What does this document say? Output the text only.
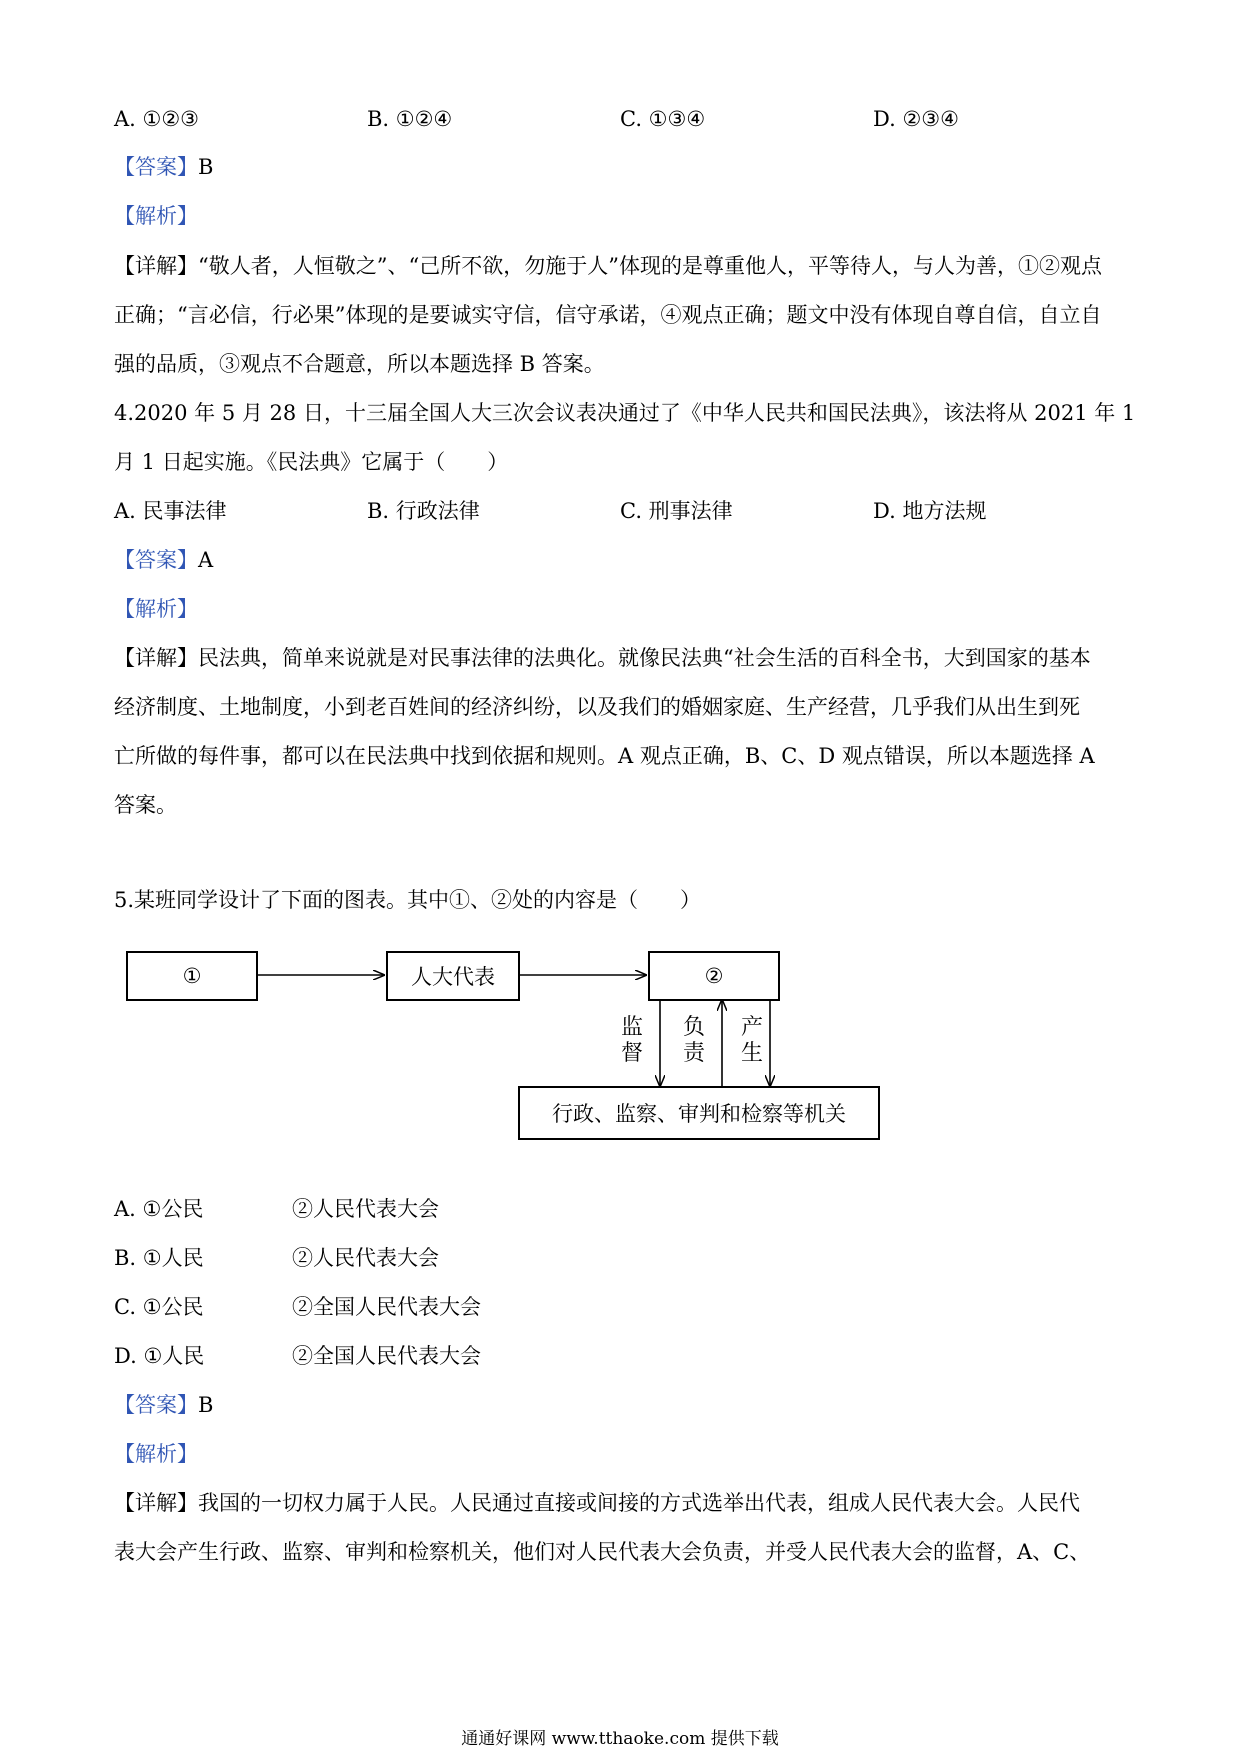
A. ①②③	B. ①②④	C. ①③④	D. ②③④
【答案】B
【解析】
【详解】“敬人者，人恒敬之”、“己所不欲，勿施于人”体现的是尊重他人，平等待人，与人为善，①②观点
正确；“言必信，行必果”体现的是要诚实守信，信守承诺，④观点正确；题文中没有体现自尊自信，自立自
强的品质，③观点不合题意，所以本题选择 B 答案。
4.2020 年 5 月 28 日，十三届全国人大三次会议表决通过了《中华人民共和国民法典》，该法将从 2021 年 1
月 1 日起实施。《民法典》它属于（　　）
A. 民事法律	B. 行政法律	C. 刑事法律	D. 地方法规
【答案】A
【解析】
【详解】民法典，简单来说就是对民事法律的法典化。就像民法典“社会生活的百科全书，大到国家的基本
经济制度、土地制度，小到老百姓间的经济纠纷，以及我们的婚姻家庭、生产经营，几乎我们从出生到死
亡所做的每件事，都可以在民法典中找到依据和规则。A 观点正确，B、C、D 观点错误，所以本题选择 A
答案。
5.某班同学设计了下面的图表。其中①、②处的内容是（　　）
①	人大代表	②
行政、监察、审判和检察等机关
监督
负责
产生
A. ①公民	②人民代表大会
B. ①人民	②人民代表大会
C. ①公民	②全国人民代表大会
D. ①人民	②全国人民代表大会
【答案】B
【解析】
【详解】我国的一切权力属于人民。人民通过直接或间接的方式选举出代表，组成人民代表大会。人民代
表大会产生行政、监察、审判和检察机关，他们对人民代表大会负责，并受人民代表大会的监督，A、C、
通通好课网 www.tthaoke.com 提供下载
